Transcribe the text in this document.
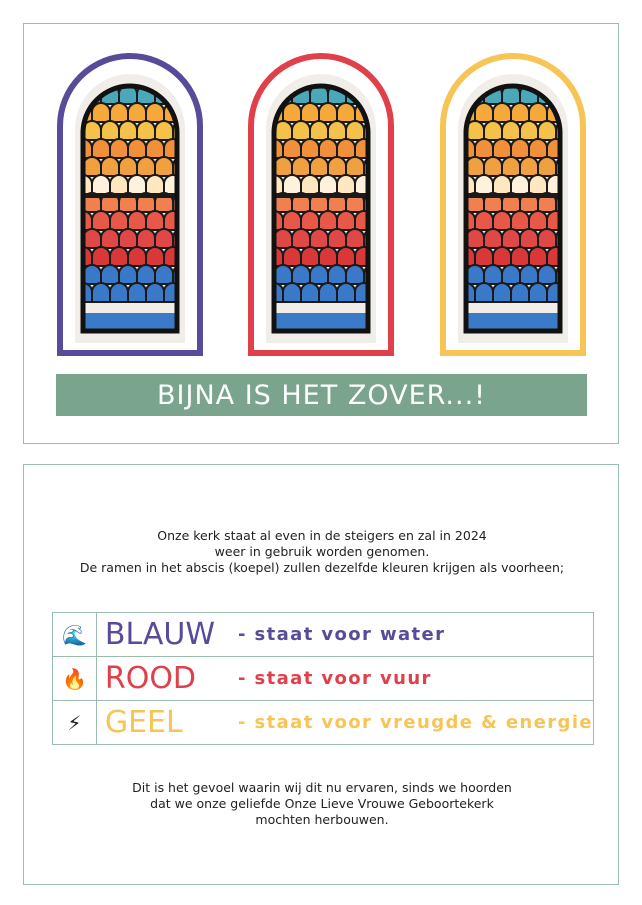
BIJNA IS HET ZOVER...!
Onze kerk staat al even in de steigers en zal in 2024
weer in gebruik worden genomen.
De ramen in het abscis (koepel) zullen dezelfde kleuren krijgen als voorheen;
🌊	BLAUW - staat voor water
🔥	ROOD - staat voor vuur
⚡	GEEL - staat voor vreugde & energie
Dit is het gevoel waarin wij dit nu ervaren, sinds we hoorden
dat we onze geliefde Onze Lieve Vrouwe Geboortekerk
mochten herbouwen.
